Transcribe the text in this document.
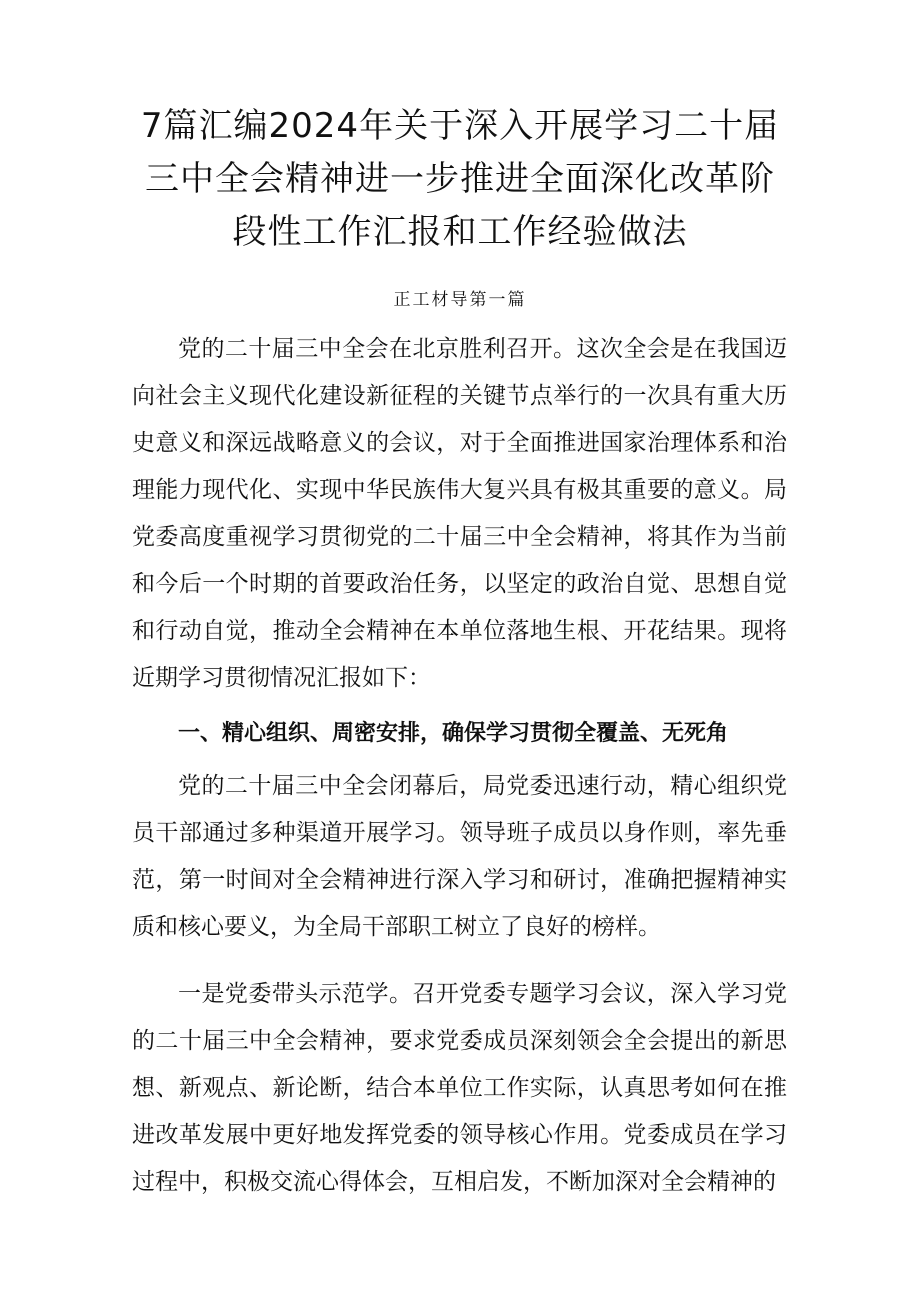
7篇汇编2024年关于深入开展学习二十届
三中全会精神进一步推进全面深化改革阶
段性工作汇报和工作经验做法
正工材导第一篇

党的二十届三中全会在北京胜利召开。这次全会是在我国迈向社会主义现代化建设新征程的关键节点举行的一次具有重大历史意义和深远战略意义的会议，对于全面推进国家治理体系和治理能力现代化、实现中华民族伟大复兴具有极其重要的意义。局党委高度重视学习贯彻党的二十届三中全会精神，将其作为当前和今后一个时期的首要政治任务，以坚定的政治自觉、思想自觉和行动自觉，推动全会精神在本单位落地生根、开花结果。现将近期学习贯彻情况汇报如下：

一、精心组织、周密安排，确保学习贯彻全覆盖、无死角

党的二十届三中全会闭幕后，局党委迅速行动，精心组织党员干部通过多种渠道开展学习。领导班子成员以身作则，率先垂范，第一时间对全会精神进行深入学习和研讨，准确把握精神实质和核心要义，为全局干部职工树立了良好的榜样。

一是党委带头示范学。召开党委专题学习会议，深入学习党的二十届三中全会精神，要求党委成员深刻领会全会提出的新思想、新观点、新论断，结合本单位工作实际，认真思考如何在推进改革发展中更好地发挥党委的领导核心作用。党委成员在学习过程中，积极交流心得体会，互相启发，不断加深对全会精神的
